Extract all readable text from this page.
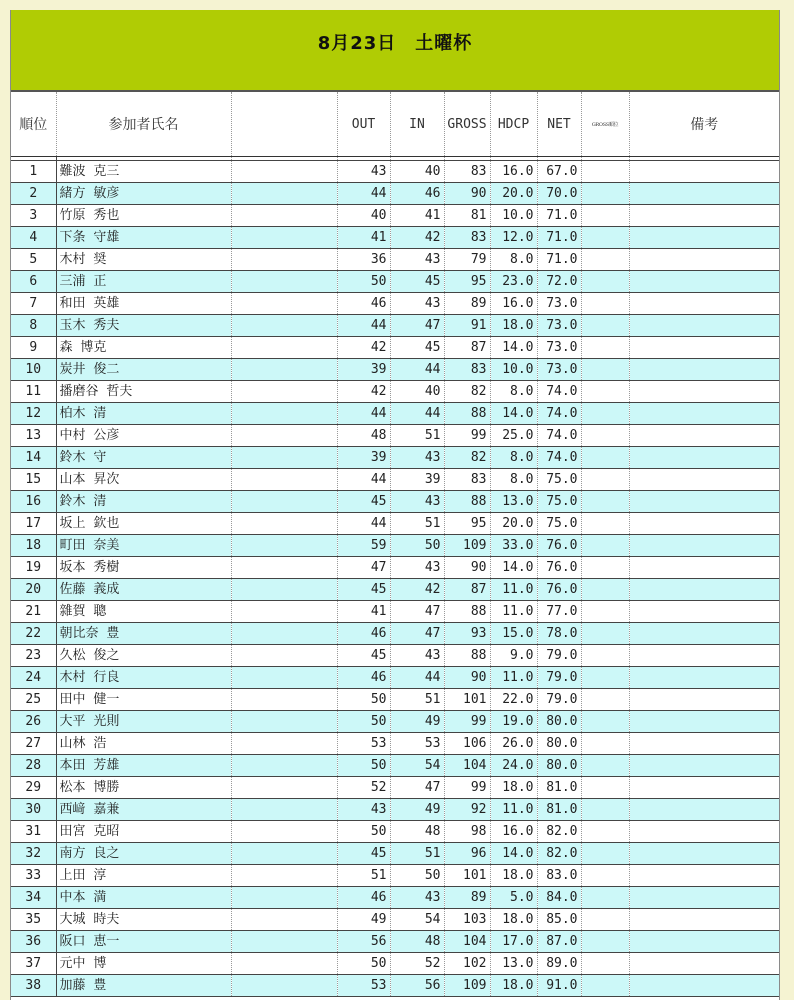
8月23日　土曜杯
順位	参加者氏名		OUT	IN	GROSS	HDCP	NET	GROSS順位	備考

1	難波 克三		43	40	83	16.0	67.0		
2	緒方 敏彦		44	46	90	20.0	70.0		
3	竹原 秀也		40	41	81	10.0	71.0		
4	下条 守雄		41	42	83	12.0	71.0		
5	木村 奨		36	43	79	8.0	71.0		
6	三浦 正		50	45	95	23.0	72.0		
7	和田 英雄		46	43	89	16.0	73.0		
8	玉木 秀夫		44	47	91	18.0	73.0		
9	森 博克		42	45	87	14.0	73.0		
10	炭井 俊二		39	44	83	10.0	73.0		
11	播磨谷 哲夫		42	40	82	8.0	74.0		
12	柏木 清		44	44	88	14.0	74.0		
13	中村 公彦		48	51	99	25.0	74.0		
14	鈴木 守		39	43	82	8.0	74.0		
15	山本 昇次		44	39	83	8.0	75.0		
16	鈴木 清		45	43	88	13.0	75.0		
17	坂上 欽也		44	51	95	20.0	75.0		
18	町田 奈美		59	50	109	33.0	76.0		
19	坂本 秀樹		47	43	90	14.0	76.0		
20	佐藤 義成		45	42	87	11.0	76.0		
21	雜賀 聰		41	47	88	11.0	77.0		
22	朝比奈 豊		46	47	93	15.0	78.0		
23	久松 俊之		45	43	88	9.0	79.0		
24	木村 行良		46	44	90	11.0	79.0		
25	田中 健一		50	51	101	22.0	79.0		
26	大平 光則		50	49	99	19.0	80.0		
27	山林 浩		53	53	106	26.0	80.0		
28	本田 芳雄		50	54	104	24.0	80.0		
29	松本 博勝		52	47	99	18.0	81.0		
30	西﨑 嘉兼		43	49	92	11.0	81.0		
31	田宮 克昭		50	48	98	16.0	82.0		
32	南方 良之		45	51	96	14.0	82.0		
33	上田 淳		51	50	101	18.0	83.0		
34	中本 満		46	43	89	5.0	84.0		
35	大城 時夫		49	54	103	18.0	85.0		
36	阪口 恵一		56	48	104	17.0	87.0		
37	元中 博		50	52	102	13.0	89.0		
38	加藤 豊		53	56	109	18.0	91.0		
